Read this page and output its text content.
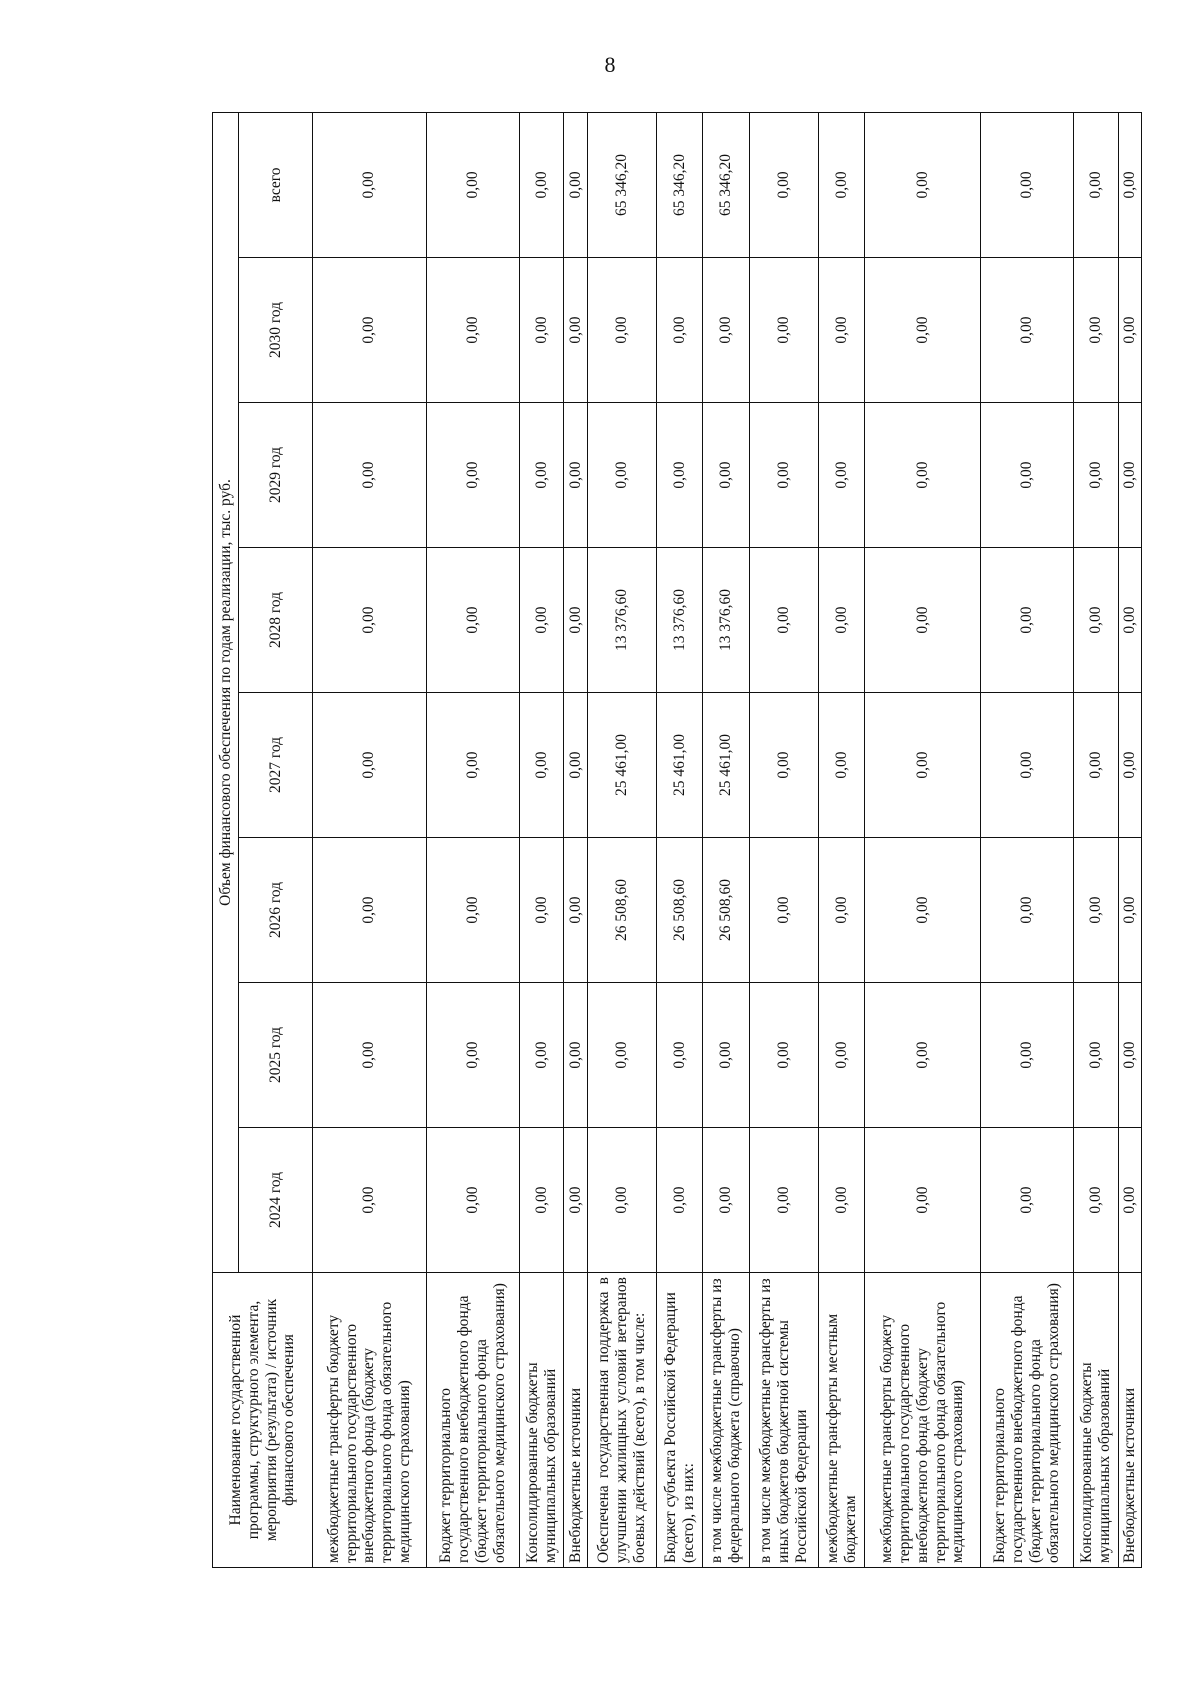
8
Наименование государственной программы, структурного элемента, мероприятия (результата) / источник финансового обеспечения	Объем финансового обеспечения по годам реализации, тыс. руб.							
	2024 год	2025 год	2026 год	2027 год	2028 год	2029 год	2030 год	всего
межбюджетные трансферты бюджету территориального государственного внебюджетного фонда (бюджету территориального фонда обязательного медицинского страхования)	0,00	0,00	0,00	0,00	0,00	0,00	0,00	0,00
Бюджет территориального государственного внебюджетного фонда (бюджет территориального фонда обязательного медицинского страхования)	0,00	0,00	0,00	0,00	0,00	0,00	0,00	0,00
Консолидированные бюджеты муниципальных образований	0,00	0,00	0,00	0,00	0,00	0,00	0,00	0,00
Внебюджетные источники	0,00	0,00	0,00	0,00	0,00	0,00	0,00	0,00
Обеспечена государственная поддержка в улучшении жилищных условий ветеранов боевых действий (всего), в том числе:	0,00	0,00	26 508,60	25 461,00	13 376,60	0,00	0,00	65 346,20
Бюджет субъекта Российской Федерации (всего), из них:	0,00	0,00	26 508,60	25 461,00	13 376,60	0,00	0,00	65 346,20
в том числе межбюджетные трансферты из федерального бюджета (справочно)	0,00	0,00	26 508,60	25 461,00	13 376,60	0,00	0,00	65 346,20
в том числе межбюджетные трансферты из иных бюджетов бюджетной системы Российской Федерации	0,00	0,00	0,00	0,00	0,00	0,00	0,00	0,00
межбюджетные трансферты местным бюджетам	0,00	0,00	0,00	0,00	0,00	0,00	0,00	0,00
межбюджетные трансферты бюджету территориального государственного внебюджетного фонда (бюджету территориального фонда обязательного медицинского страхования)	0,00	0,00	0,00	0,00	0,00	0,00	0,00	0,00
Бюджет территориального государственного внебюджетного фонда (бюджет территориального фонда обязательного медицинского страхования)	0,00	0,00	0,00	0,00	0,00	0,00	0,00	0,00
Консолидированные бюджеты муниципальных образований	0,00	0,00	0,00	0,00	0,00	0,00	0,00	0,00
Внебюджетные источники	0,00	0,00	0,00	0,00	0,00	0,00	0,00	0,00
